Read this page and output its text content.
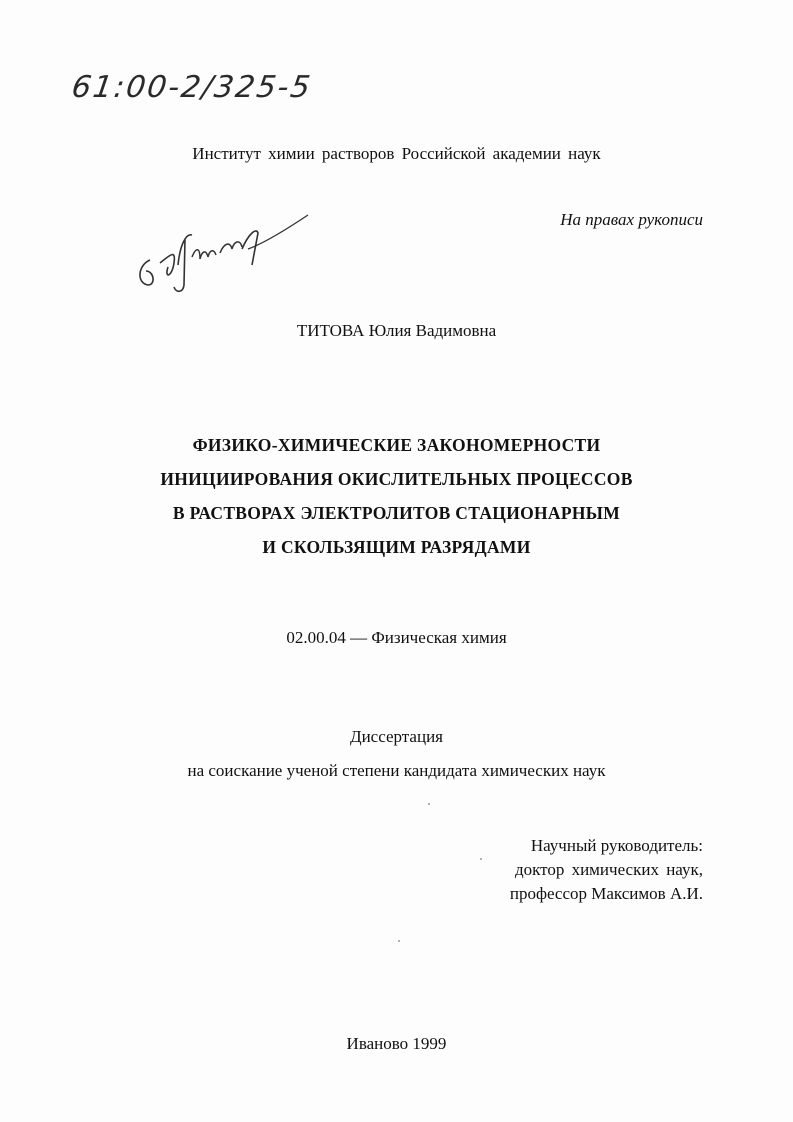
61:00-2/325-5
Институт химии растворов Российской академии наук
На правах рукописи
ТИТОВА Юлия Вадимовна
ФИЗИКО-ХИМИЧЕСКИЕ ЗАКОНОМЕРНОСТИ
ИНИЦИИРОВАНИЯ ОКИСЛИТЕЛЬНЫХ ПРОЦЕССОВ
В РАСТВОРАХ ЭЛЕКТРОЛИТОВ СТАЦИОНАРНЫМ
И СКОЛЬЗЯЩИМ РАЗРЯДАМИ
02.00.04 — Физическая химия
Диссертация
на соискание ученой степени кандидата химических наук
Научный руководитель:
доктор химических наук,
профессор Максимов А.И.
Иваново 1999
